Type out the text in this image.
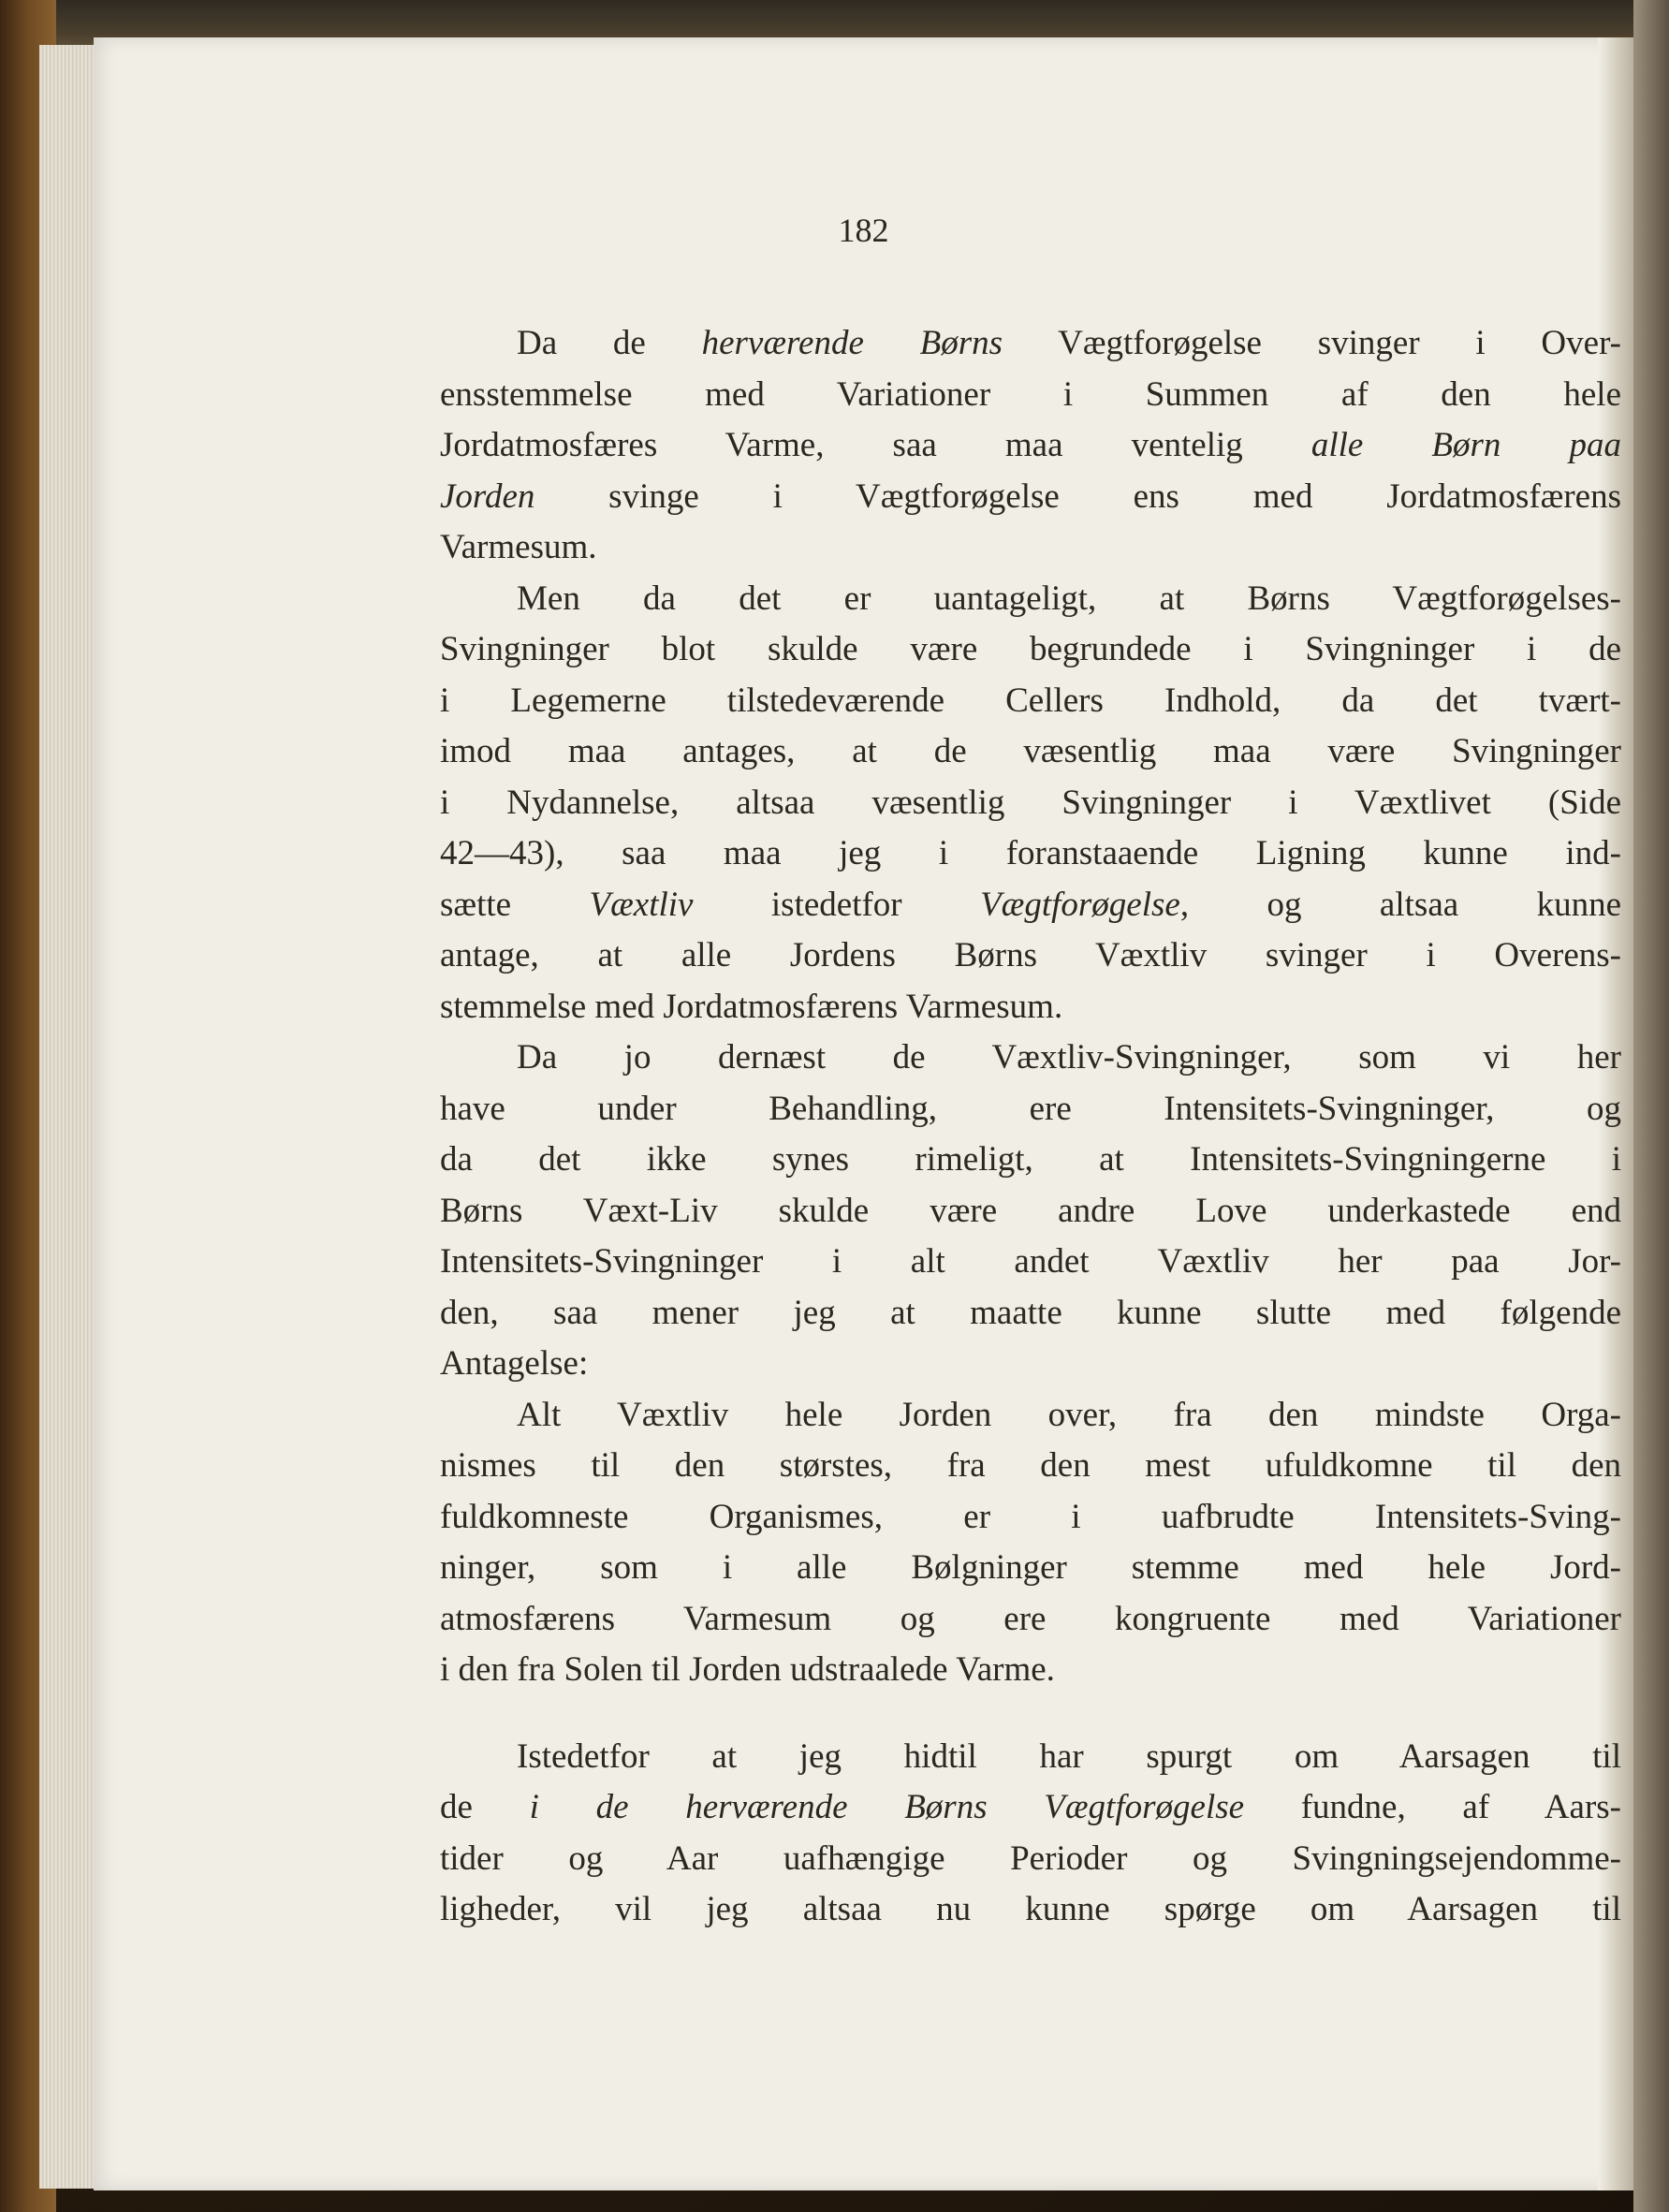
182
Da de herværende Børns Vægtforøgelse svinger i Over-
ensstemmelse med Variationer i Summen af den hele
Jordatmosfæres Varme, saa maa ventelig alle Børn paa
Jorden svinge i Vægtforøgelse ens med Jordatmosfærens
Varmesum.
Men da det er uantageligt, at Børns Vægtforøgelses-
Svingninger blot skulde være begrundede i Svingninger i de
i Legemerne tilstedeværende Cellers Indhold, da det tvært-
imod maa antages, at de væsentlig maa være Svingninger
i Nydannelse, altsaa væsentlig Svingninger i Væxtlivet (Side
42—43), saa maa jeg i foranstaaende Ligning kunne ind-
sætte Væxtliv istedetfor Vægtforøgelse, og altsaa kunne
antage, at alle Jordens Børns Væxtliv svinger i Overens-
stemmelse med Jordatmosfærens Varmesum.
Da jo dernæst de Væxtliv-Svingninger, som vi her
have under Behandling, ere Intensitets-Svingninger, og
da det ikke synes rimeligt, at Intensitets-Svingningerne i
Børns Væxt-Liv skulde være andre Love underkastede end
Intensitets-Svingninger i alt andet Væxtliv her paa Jor-
den, saa mener jeg at maatte kunne slutte med følgende
Antagelse:
Alt Væxtliv hele Jorden over, fra den mindste Orga-
nismes til den størstes, fra den mest ufuldkomne til den
fuldkomneste Organismes, er i uafbrudte Intensitets-Sving-
ninger, som i alle Bølgninger stemme med hele Jord-
atmosfærens Varmesum og ere kongruente med Variationer
i den fra Solen til Jorden udstraalede Varme.
Istedetfor at jeg hidtil har spurgt om Aarsagen til
de i de herværende Børns Vægtforøgelse fundne, af Aars-
tider og Aar uafhængige Perioder og Svingningsejendomme-
ligheder, vil jeg altsaa nu kunne spørge om Aarsagen til
